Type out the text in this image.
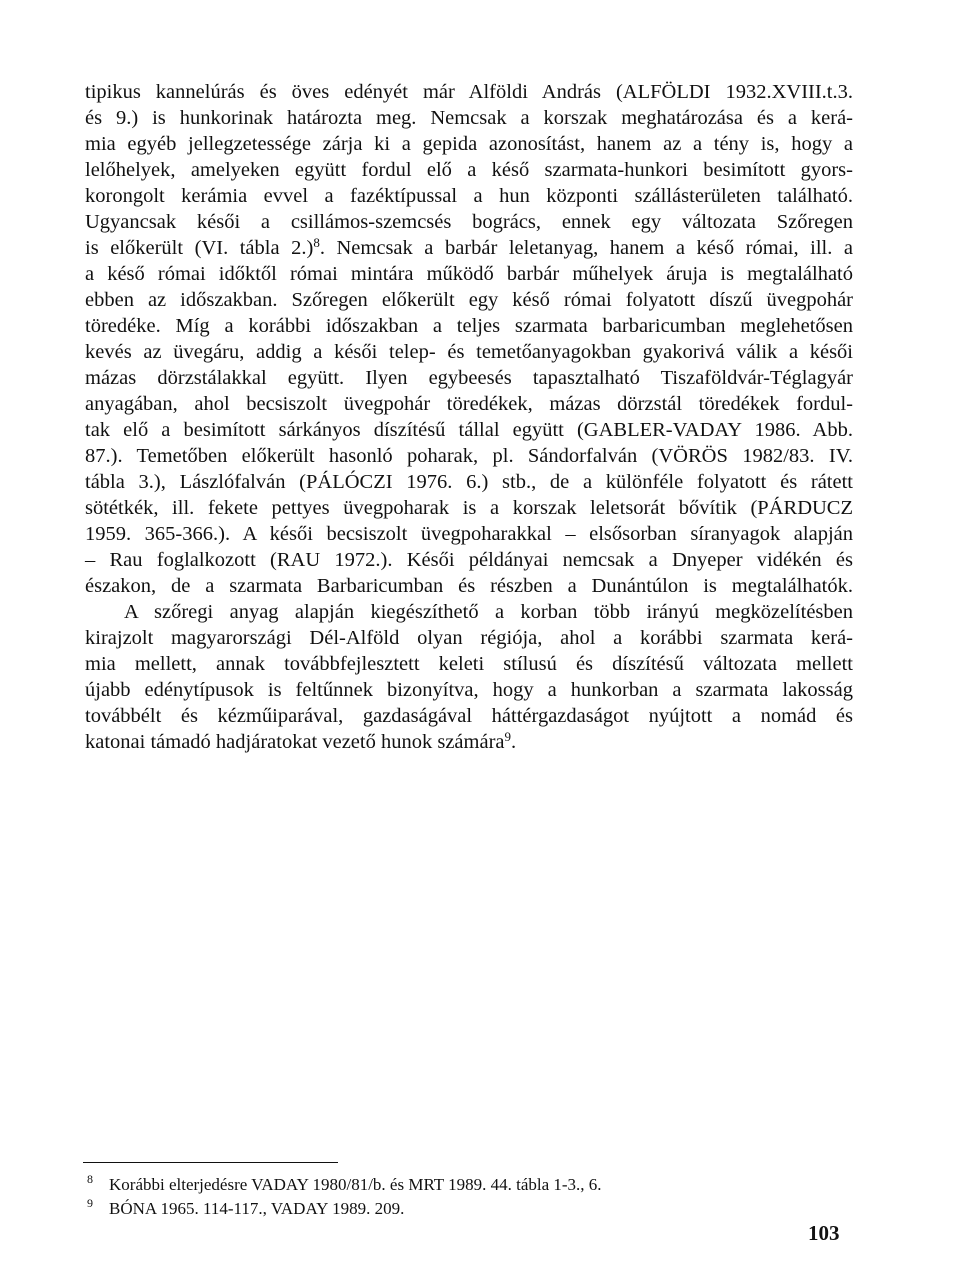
tipikus kannelúrás és öves edényét már Alföldi András (ALFÖLDI 1932.XVIII.t.3.
és 9.) is hunkorinak határozta meg. Nemcsak a korszak meghatározása és a kerá-
mia egyéb jellegzetessége zárja ki a gepida azonosítást, hanem az a tény is, hogy a
lelőhelyek, amelyeken együtt fordul elő a késő szarmata-hunkori besimított gyors-
korongolt kerámia evvel a fazéktípussal a hun központi szállásterületen található.
Ugyancsak késői a csillámos-szemcsés bogrács, ennek egy változata Szőregen
is előkerült (VI. tábla 2.)$^8$. Nemcsak a barbár leletanyag, hanem a késő római, ill. a
a késő római időktől római mintára működő barbár műhelyek áruja is megtalálható
ebben az időszakban. Szőregen előkerült egy késő római folyatott díszű üvegpohár
töredéke. Míg a korábbi időszakban a teljes szarmata barbaricumban meglehetősen
kevés az üvegáru, addig a késői telep- és temetőanyagokban gyakorivá válik a késői
mázas dörzstálakkal együtt. Ilyen egybeesés tapasztalható Tiszaföldvár-Téglagyár
anyagában, ahol becsiszolt üvegpohár töredékek, mázas dörzstál töredékek fordul-
tak elő a besimított sárkányos díszítésű tállal együtt (GABLER-VADAY 1986. Abb.
87.). Temetőben előkerült hasonló poharak, pl. Sándorfalván (VÖRÖS 1982/83. IV.
tábla 3.), Lászlófalván (PÁLÓCZI 1976. 6.) stb., de a különféle folyatott és rátett
sötétkék, ill. fekete pettyes üvegpoharak is a korszak leletsorát bővítik (PÁRDUCZ
1959. 365-366.). A késői becsiszolt üvegpoharakkal – elsősorban síranyagok alapján
– Rau foglalkozott (RAU 1972.). Késői példányai nemcsak a Dnyeper vidékén és
északon, de a szarmata Barbaricumban és részben a Dunántúlon is megtalálhatók.
A szőregi anyag alapján kiegészíthető a korban több irányú megközelítésben
kirajzolt magyarországi Dél-Alföld olyan régiója, ahol a korábbi szarmata kerá-
mia mellett, annak továbbfejlesztett keleti stílusú és díszítésű változata mellett
újabb edénytípusok is feltűnnek bizonyítva, hogy a hunkorban a szarmata lakosság
továbbélt és kézműiparával, gazdaságával háttérgazdaságot nyújtott a nomád és
katonai támadó hadjáratokat vezető hunok számára$^9$.
$^8$ Korábbi elterjedésre VADAY 1980/81/b. és MRT 1989. 44. tábla 1-3., 6.
$^9$ BÓNA 1965. 114-117., VADAY 1989. 209.
103
